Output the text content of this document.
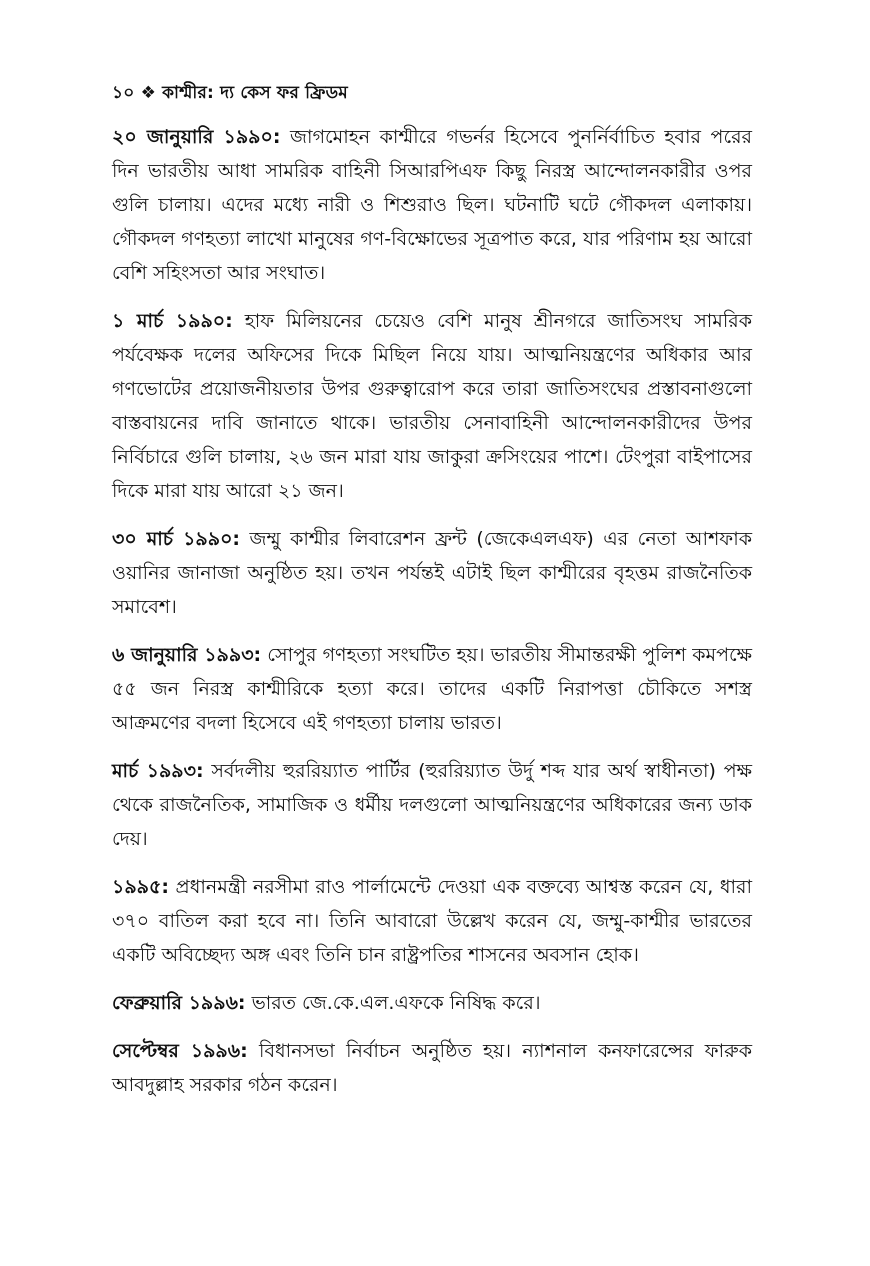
১০ ❖ কাশ্মীর: দ্য কেস ফর ফ্রিডম

২০ জানুয়ারি ১৯৯০: জাগমোহন কাশ্মীরে গভর্নর হিসেবে পুনর্নির্বাচিত হবার পরের দিন ভারতীয় আধা সামরিক বাহিনী সিআরপিএফ কিছু নিরস্ত্র আন্দোলনকারীর ওপর গুলি চালায়। এদের মধ্যে নারী ও শিশুরাও ছিল। ঘটনাটি ঘটে গৌকদল এলাকায়। গৌকদল গণহত্যা লাখো মানুষের গণ-বিক্ষোভের সূত্রপাত করে, যার পরিণাম হয় আরো বেশি সহিংসতা আর সংঘাত।

১ মার্চ ১৯৯০: হাফ মিলিয়নের চেয়েও বেশি মানুষ শ্রীনগরে জাতিসংঘ সামরিক পর্যবেক্ষক দলের অফিসের দিকে মিছিল নিয়ে যায়। আত্মনিয়ন্ত্রণের অধিকার আর গণভোটের প্রয়োজনীয়তার উপর গুরুত্বারোপ করে তারা জাতিসংঘের প্রস্তাবনাগুলো বাস্তবায়নের দাবি জানাতে থাকে। ভারতীয় সেনাবাহিনী আন্দোলনকারীদের উপর নির্বিচারে গুলি চালায়, ২৬ জন মারা যায় জাকুরা ক্রসিংয়ের পাশে। টেংপুরা বাইপাসের দিকে মারা যায় আরো ২১ জন।

৩০ মার্চ ১৯৯০: জম্মু কাশ্মীর লিবারেশন ফ্রন্ট (জেকেএলএফ) এর নেতা আশফাক ওয়ানির জানাজা অনুষ্ঠিত হয়। তখন পর্যন্তই এটাই ছিল কাশ্মীরের বৃহত্তম রাজনৈতিক সমাবেশ।

৬ জানুয়ারি ১৯৯৩: সোপুর গণহত্যা সংঘটিত হয়। ভারতীয় সীমান্তরক্ষী পুলিশ কমপক্ষে ৫৫ জন নিরস্ত্র কাশ্মীরিকে হত্যা করে। তাদের একটি নিরাপত্তা চৌকিতে সশস্ত্র আক্রমণের বদলা হিসেবে এই গণহত্যা চালায় ভারত।

মার্চ ১৯৯৩: সর্বদলীয় হুররিয়্যাত পার্টির (হুররিয়্যাত উর্দু শব্দ যার অর্থ স্বাধীনতা) পক্ষ থেকে রাজনৈতিক, সামাজিক ও ধর্মীয় দলগুলো আত্মনিয়ন্ত্রণের অধিকারের জন্য ডাক দেয়।

১৯৯৫: প্রধানমন্ত্রী নরসীমা রাও পার্লামেন্টে দেওয়া এক বক্তব্যে আশ্বস্ত করেন যে, ধারা ৩৭০ বাতিল করা হবে না। তিনি আবারো উল্লেখ করেন যে, জম্মু-কাশ্মীর ভারতের একটি অবিচ্ছেদ্য অঙ্গ এবং তিনি চান রাষ্ট্রপতির শাসনের অবসান হোক।

ফেব্রুয়ারি ১৯৯৬: ভারত জে.কে.এল.এফকে নিষিদ্ধ করে।

সেপ্টেম্বর ১৯৯৬: বিধানসভা নির্বাচন অনুষ্ঠিত হয়। ন্যাশনাল কনফারেন্সের ফারুক আবদুল্লাহ সরকার গঠন করেন।
